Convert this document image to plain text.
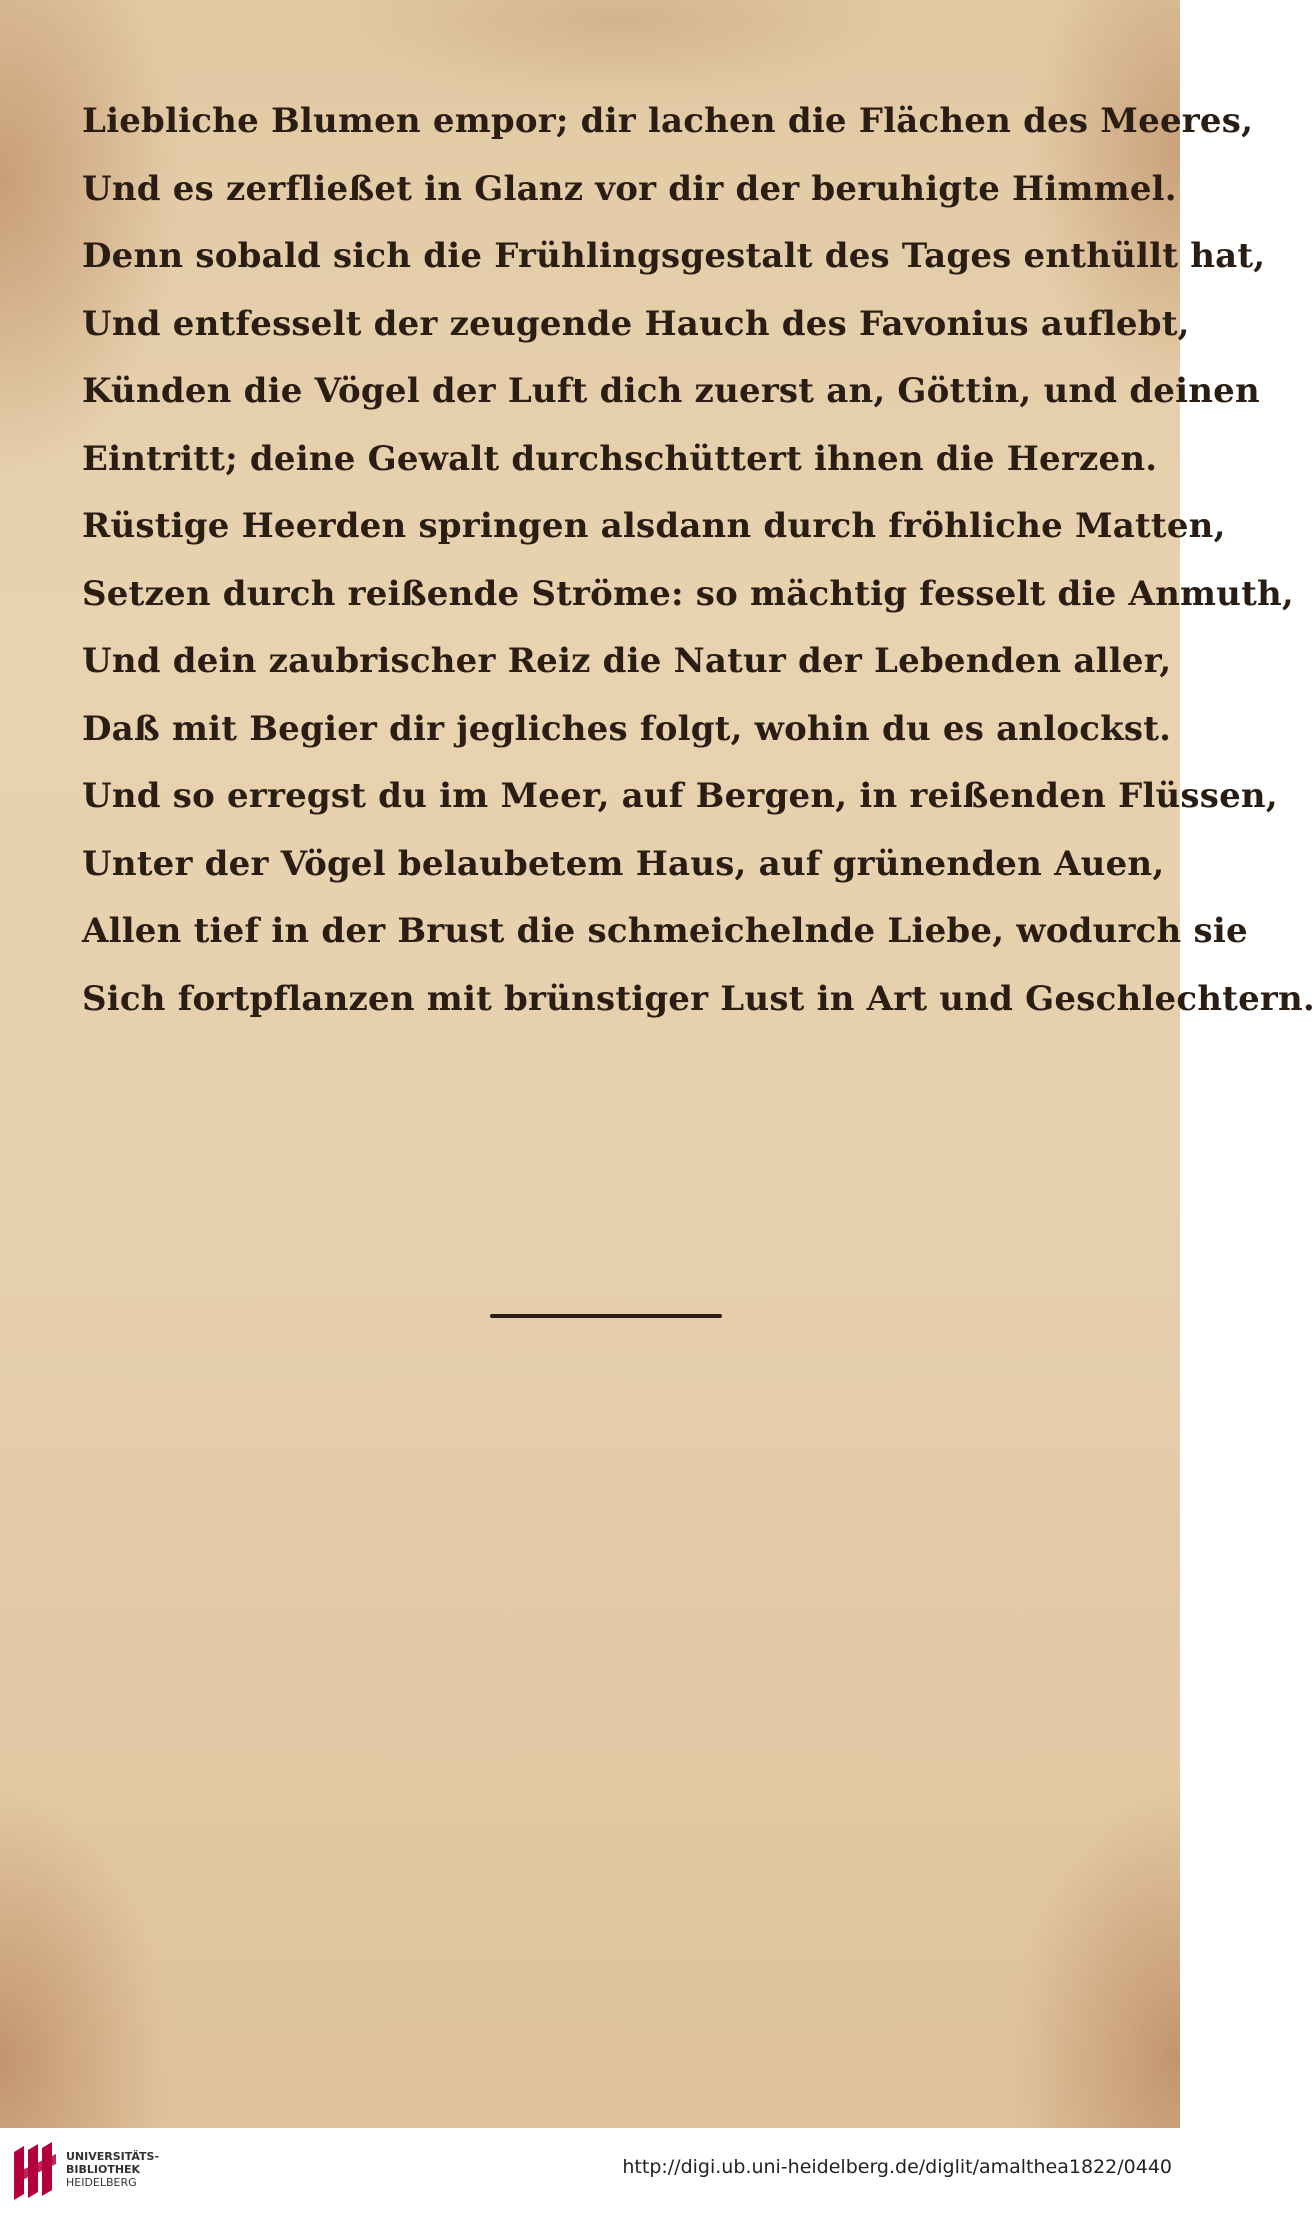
Liebliche Blumen empor; dir lachen die Flächen des Meeres,
Und es zerfließet in Glanz vor dir der beruhigte Himmel.
Denn sobald sich die Frühlingsgestalt des Tages enthüllt hat,
Und entfesselt der zeugende Hauch des Favonius auflebt,
Künden die Vögel der Luft dich zuerst an, Göttin, und deinen
Eintritt; deine Gewalt durchschüttert ihnen die Herzen.
Rüstige Heerden springen alsdann durch fröhliche Matten,
Setzen durch reißende Ströme: so mächtig fesselt die Anmuth,
Und dein zaubrischer Reiz die Natur der Lebenden aller,
Daß mit Begier dir jegliches folgt, wohin du es anlockst.
Und so erregst du im Meer, auf Bergen, in reißenden Flüssen,
Unter der Vögel belaubetem Haus, auf grünenden Auen,
Allen tief in der Brust die schmeichelnde Liebe, wodurch sie
Sich fortpflanzen mit brünstiger Lust in Art und Geschlechtern.
UNIVERSITÄTS-
BIBLIOTHEK
HEIDELBERG
http://digi.ub.uni-heidelberg.de/diglit/amalthea1822/0440
